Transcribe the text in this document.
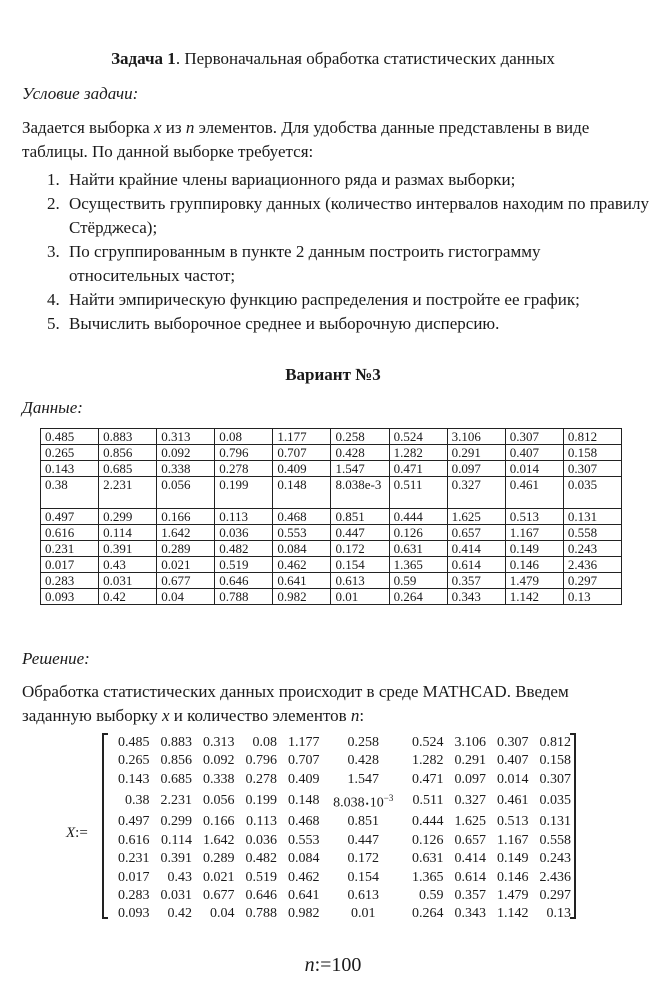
Задача 1. Первоначальная обработка статистических данных
Условие задачи:
Задается выборка x из n элементов. Для удобства данные представлены в виде таблицы. По данной выборке требуется:
1. Найти крайние члены вариационного ряда и размах выборки;
2. Осуществить группировку данных (количество интервалов находим по правилу Стёрджеса);
3. По сгруппированным в пункте 2 данным построить гистограмму относительных частот;
4. Найти эмпирическую функцию распределения и постройте ее график;
5. Вычислить выборочное среднее и выборочную дисперсию.
Вариант №3
Данные:
0.485	0.883	0.313	0.08	1.177	0.258	0.524	3.106	0.307	0.812
0.265	0.856	0.092	0.796	0.707	0.428	1.282	0.291	0.407	0.158
0.143	0.685	0.338	0.278	0.409	1.547	0.471	0.097	0.014	0.307
0.38	2.231	0.056	0.199	0.148	8.038e-3	0.511	0.327	0.461	0.035
0.497	0.299	0.166	0.113	0.468	0.851	0.444	1.625	0.513	0.131
0.616	0.114	1.642	0.036	0.553	0.447	0.126	0.657	1.167	0.558
0.231	0.391	0.289	0.482	0.084	0.172	0.631	0.414	0.149	0.243
0.017	0.43	0.021	0.519	0.462	0.154	1.365	0.614	0.146	2.436
0.283	0.031	0.677	0.646	0.641	0.613	0.59	0.357	1.479	0.297
0.093	0.42	0.04	0.788	0.982	0.01	0.264	0.343	1.142	0.13
Решение:
Обработка статистических данных происходит в среде MATHCAD. Введем заданную выборку x и количество элементов n:
X:=
0.485	0.883	0.313	0.08	1.177	0.258	0.524	3.106	0.307	0.812
0.265	0.856	0.092	0.796	0.707	0.428	1.282	0.291	0.407	0.158
0.143	0.685	0.338	0.278	0.409	1.547	0.471	0.097	0.014	0.307
0.38	2.231	0.056	0.199	0.148	$8.038•10^{-3}$	0.511	0.327	0.461	0.035
0.497	0.299	0.166	0.113	0.468	0.851	0.444	1.625	0.513	0.131
0.616	0.114	1.642	0.036	0.553	0.447	0.126	0.657	1.167	0.558
0.231	0.391	0.289	0.482	0.084	0.172	0.631	0.414	0.149	0.243
0.017	0.43	0.021	0.519	0.462	0.154	1.365	0.614	0.146	2.436
0.283	0.031	0.677	0.646	0.641	0.613	0.59	0.357	1.479	0.297
0.093	0.42	0.04	0.788	0.982	0.01	0.264	0.343	1.142	0.13
n:=100
